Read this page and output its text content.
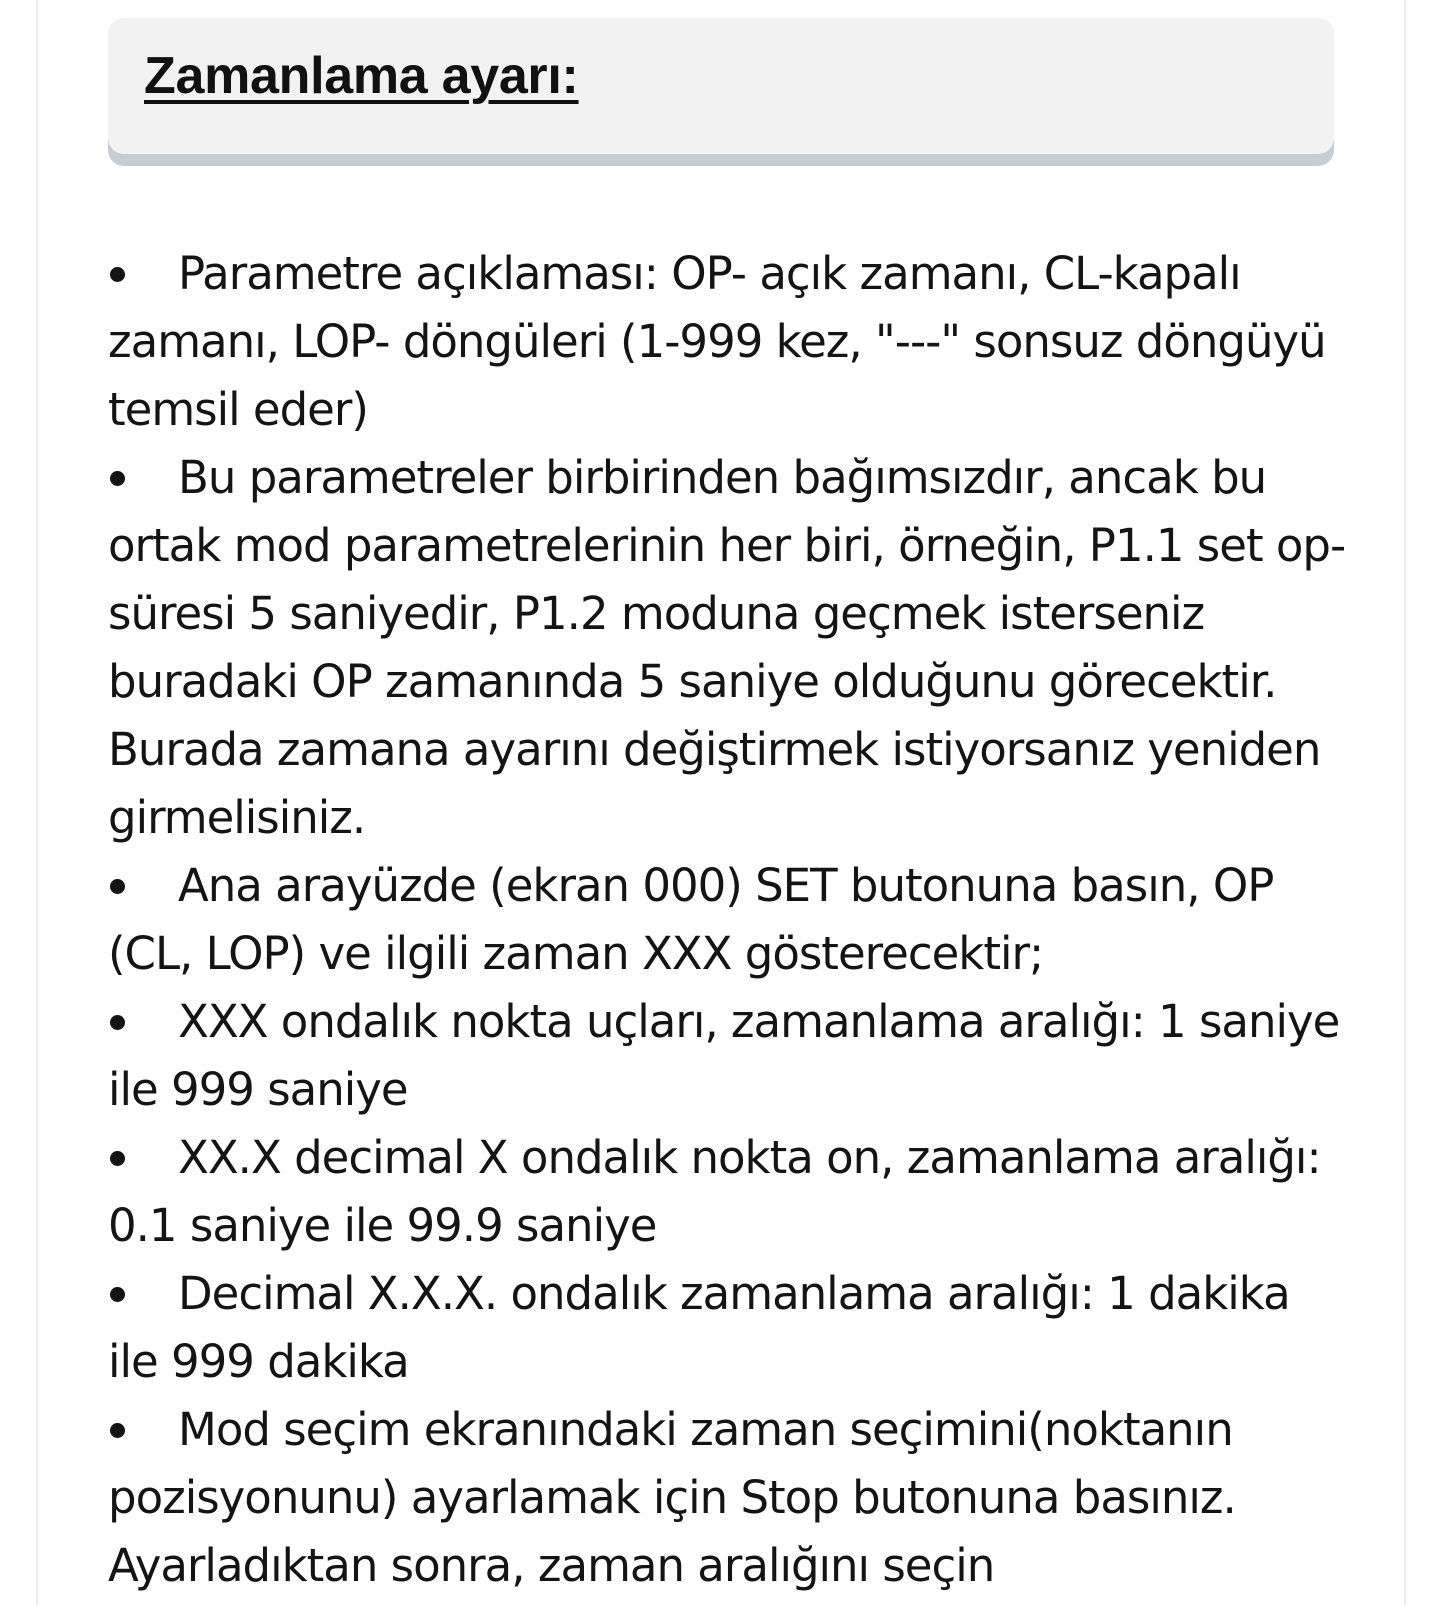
Zamanlama ayarı:

Parametre açıklaması: OP- açık zamanı, CL-kapalı zamanı, LOP- döngüleri (1-999 kez, "---" sonsuz döngüyü temsil eder)

Bu parametreler birbirinden bağımsızdır, ancak bu ortak mod parametrelerinin her biri, örneğin, P1.1 set op-süresi 5 saniyedir, P1.2 moduna geçmek isterseniz buradaki OP zamanında 5 saniye olduğunu görecektir. Burada zamana ayarını değiştirmek istiyorsanız yeniden girmelisiniz.

Ana arayüzde (ekran 000) SET butonuna basın, OP (CL, LOP) ve ilgili zaman XXX gösterecektir;

XXX ondalık nokta uçları, zamanlama aralığı: 1 saniye ile 999 saniye

XX.X decimal X ondalık nokta on, zamanlama aralığı: 0.1 saniye ile 99.9 saniye

Decimal X.X.X. ondalık zamanlama aralığı: 1 dakika ile 999 dakika

Mod seçim ekranındaki zaman seçimini(noktanın pozisyonunu) ayarlamak için Stop butonuna basınız. Ayarladıktan sonra, zaman aralığını seçin
